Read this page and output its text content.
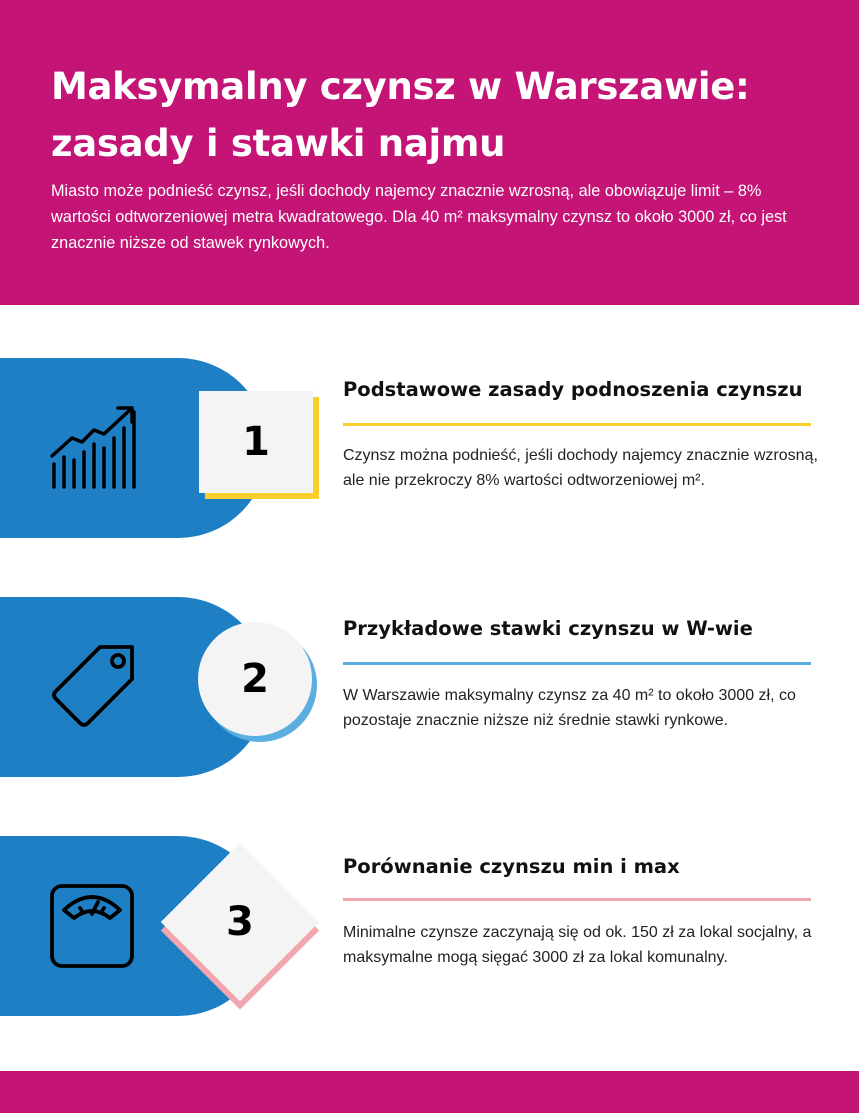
Maksymalny czynsz w Warszawie: zasady i stawki najmu

Miasto może podnieść czynsz, jeśli dochody najemcy znacznie wzrosną, ale obowiązuje limit – 8% wartości odtworzeniowej metra kwadratowego. Dla 40 m² maksymalny czynsz to około 3000 zł, co jest znacznie niższe od stawek rynkowych.

1
Podstawowe zasady podnoszenia czynszu

Czynsz można podnieść, jeśli dochody najemcy znacznie wzrosną, ale nie przekroczy 8% wartości odtworzeniowej m².

2
Przykładowe stawki czynszu w W-wie

W Warszawie maksymalny czynsz za 40 m² to około 3000 zł, co pozostaje znacznie niższe niż średnie stawki rynkowe.

3
Porównanie czynszu min i max

Minimalne czynsze zaczynają się od ok. 150 zł za lokal socjalny, a maksymalne mogą sięgać 3000 zł za lokal komunalny.
